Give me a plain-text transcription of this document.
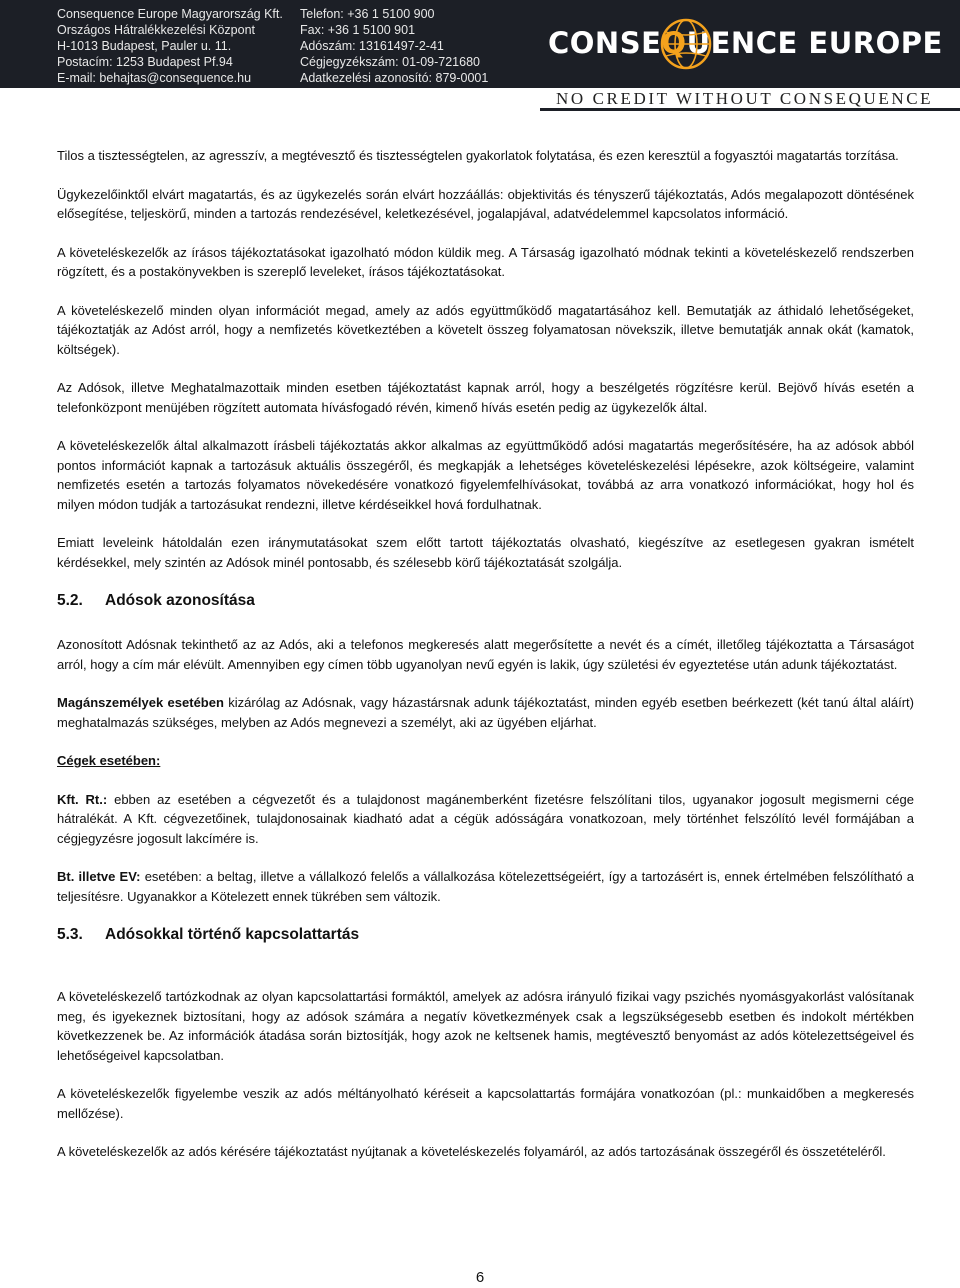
Consequence Europe Magyarország Kft.
Országos Hátralékkezelési Központ
H-1013 Budapest, Pauler u. 11.
Postacím: 1253 Budapest Pf.94
E-mail: behajtas@consequence.hu
Telefon: +36 1 5100 900
Fax: +36 1 5100 901
Adószám: 13161497-2-41
Cégjegyzékszám: 01-09-721680
Adatkezelési azonosító: 879-0001
CONSEQUENCE EUROPE
NO CREDIT WITHOUT CONSEQUENCE

Tilos a tisztességtelen, az agresszív, a megtévesztő és tisztességtelen gyakorlatok folytatása, és ezen keresztül a fogyasztói magatartás torzítása.

Ügykezelőinktől elvárt magatartás, és az ügykezelés során elvárt hozzáállás: objektivitás és tényszerű tájékoztatás, Adós megalapozott döntésének elősegítése, teljeskörű, minden a tartozás rendezésével, keletkezésével, jogalapjával, adatvédelemmel kapcsolatos információ.

A követeléskezelők az írásos tájékoztatásokat igazolható módon küldik meg. A Társaság igazolható módnak tekinti a követeléskezelő rendszerben rögzített, és a postakönyvekben is szereplő leveleket, írásos tájékoztatásokat.

A követeléskezelő minden olyan információt megad, amely az adós együttműködő magatartásához kell. Bemutatják az áthidaló lehetőségeket, tájékoztatják az Adóst arról, hogy a nemfizetés következtében a követelt összeg folyamatosan növekszik, illetve bemutatják annak okát (kamatok, költségek).

Az Adósok, illetve Meghatalmazottaik minden esetben tájékoztatást kapnak arról, hogy a beszélgetés rögzítésre kerül. Bejövő hívás esetén a telefonközpont menüjében rögzített automata hívásfogadó révén, kimenő hívás esetén pedig az ügykezelők által.

A követeléskezelők által alkalmazott írásbeli tájékoztatás akkor alkalmas az együttműködő adósi magatartás megerősítésére, ha az adósok abból pontos információt kapnak a tartozásuk aktuális összegéről, és megkapják a lehetséges követeléskezelési lépésekre, azok költségeire, valamint nemfizetés esetén a tartozás folyamatos növekedésére vonatkozó figyelemfelhívásokat, továbbá az arra vonatkozó információkat, hogy hol és milyen módon tudják a tartozásukat rendezni, illetve kérdéseikkel hová fordulhatnak.

Emiatt leveleink hátoldalán ezen iránymutatásokat szem előtt tartott tájékoztatás olvasható, kiegészítve az esetlegesen gyakran ismételt kérdésekkel, mely szintén az Adósok minél pontosabb, és szélesebb körű tájékoztatását szolgálja.

5.2.	Adósok azonosítása

Azonosított Adósnak tekinthető az az Adós, aki a telefonos megkeresés alatt megerősítette a nevét és a címét, illetőleg tájékoztatta a Társaságot arról, hogy a cím már elévült. Amennyiben egy címen több ugyanolyan nevű egyén is lakik, úgy születési év egyeztetése után adunk tájékoztatást.

Magánszemélyek esetében kizárólag az Adósnak, vagy házastársnak adunk tájékoztatást, minden egyéb esetben beérkezett (két tanú által aláírt) meghatalmazás szükséges, melyben az Adós megnevezi a személyt, aki az ügyében eljárhat.

Cégek esetében:

Kft. Rt.: ebben az esetében a cégvezetőt és a tulajdonost magánemberként fizetésre felszólítani tilos, ugyanakor jogosult megismerni cége hátralékát. A Kft. cégvezetőinek, tulajdonosainak kiadható adat a cégük adósságára vonatkozoan, mely történhet felszólító levél formájában a cégjegyzésre jogosult lakcímére is.

Bt. illetve EV: esetében: a beltag, illetve a vállalkozó felelős a vállalkozása kötelezettségeiért, így a tartozásért is, ennek értelmében felszólítható a teljesítésre. Ugyanakkor a Kötelezett ennek tükrében sem változik.

5.3.	Adósokkal történő kapcsolattartás

A követeléskezelő tartózkodnak az olyan kapcsolattartási formáktól, amelyek az adósra irányuló fizikai vagy pszichés nyomásgyakorlást valósítanak meg, és igyekeznek biztosítani, hogy az adósok számára a negatív következmények csak a legszükségesebb esetben és indokolt mértékben következzenek be. Az információk átadása során biztosítják, hogy azok ne keltsenek hamis, megtévesztő benyomást az adós kötelezettségeivel és lehetőségeivel kapcsolatban.

A követeléskezelők figyelembe veszik az adós méltányolható kéréseit a kapcsolattartás formájára vonatkozóan (pl.: munkaidőben a megkeresés mellőzése).

A követeléskezelők az adós kérésére tájékoztatást nyújtanak a követeléskezelés folyamáról, az adós tartozásának összegéről és összetételéről.

6
